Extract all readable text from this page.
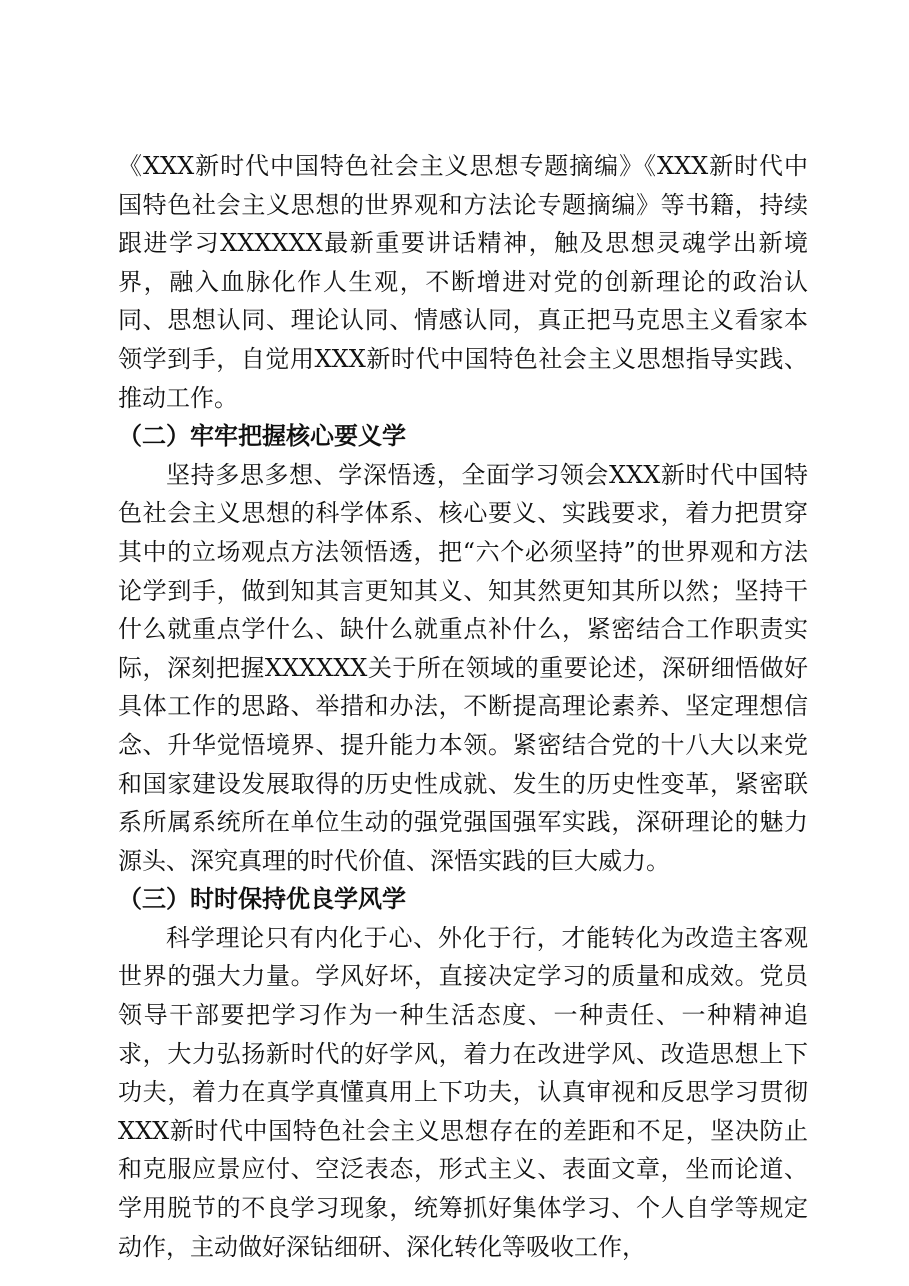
《XXX新时代中国特色社会主义思想专题摘编》《XXX新时代中国特色社会主义思想的世界观和方法论专题摘编》等书籍，持续跟进学习XXXXXX最新重要讲话精神，触及思想灵魂学出新境界，融入血脉化作人生观，不断增进对党的创新理论的政治认同、思想认同、理论认同、情感认同，真正把马克思主义看家本领学到手，自觉用XXX新时代中国特色社会主义思想指导实践、推动工作。

（二）牢牢把握核心要义学

坚持多思多想、学深悟透，全面学习领会XXX新时代中国特色社会主义思想的科学体系、核心要义、实践要求，着力把贯穿其中的立场观点方法领悟透，把“六个必须坚持”的世界观和方法论学到手，做到知其言更知其义、知其然更知其所以然；坚持干什么就重点学什么、缺什么就重点补什么，紧密结合工作职责实际，深刻把握XXXXXX关于所在领域的重要论述，深研细悟做好具体工作的思路、举措和办法，不断提高理论素养、坚定理想信念、升华觉悟境界、提升能力本领。紧密结合党的十八大以来党和国家建设发展取得的历史性成就、发生的历史性变革，紧密联系所属系统所在单位生动的强党强国强军实践，深研理论的魅力源头、深究真理的时代价值、深悟实践的巨大威力。

（三）时时保持优良学风学

科学理论只有内化于心、外化于行，才能转化为改造主客观世界的强大力量。学风好坏，直接决定学习的质量和成效。党员领导干部要把学习作为一种生活态度、一种责任、一种精神追求，大力弘扬新时代的好学风，着力在改进学风、改造思想上下功夫，着力在真学真懂真用上下功夫，认真审视和反思学习贯彻XXX新时代中国特色社会主义思想存在的差距和不足，坚决防止和克服应景应付、空泛表态，形式主义、表面文章，坐而论道、学用脱节的不良学习现象，统筹抓好集体学习、个人自学等规定动作，主动做好深钻细研、深化转化等吸收工作，
